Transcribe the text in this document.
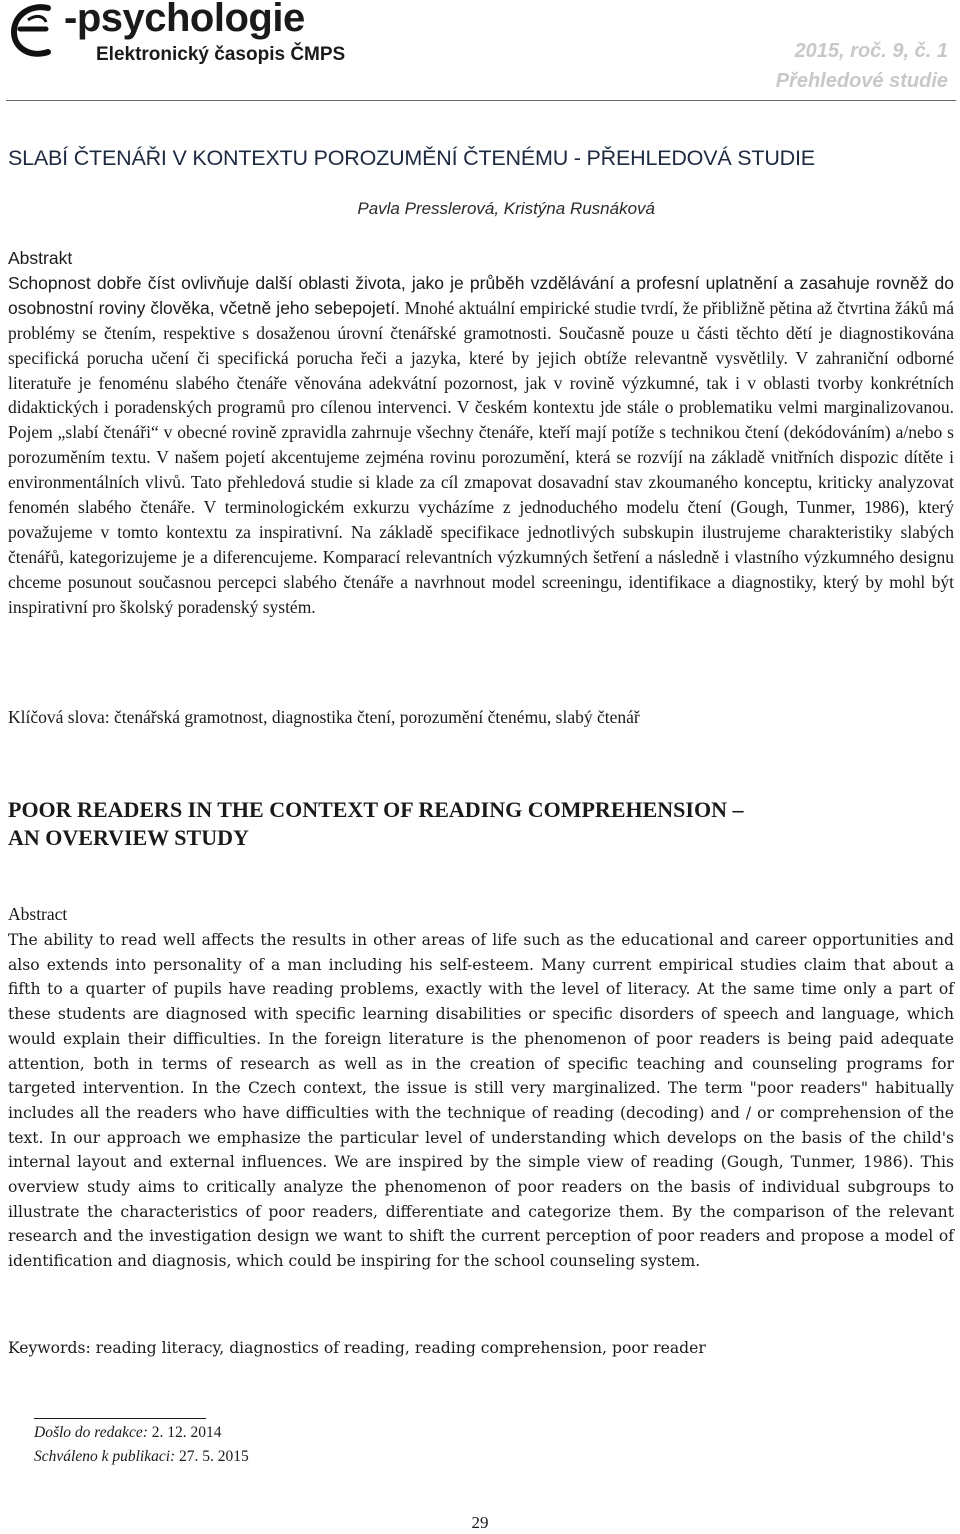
-psychologie
Elektronický časopis ČMPS	2015, roč. 9, č. 1
Přehledové studie
SLABÍ ČTENÁŘI V KONTEXTU POROZUMĚNÍ ČTENÉMU - PŘEHLEDOVÁ STUDIE
Pavla Presslerová, Kristýna Rusnáková
Abstrakt
Schopnost dobře číst ovlivňuje další oblasti života, jako je průběh vzdělávání a profesní uplatnění a zasahuje rovněž do osobnostní roviny člověka, včetně jeho sebepojetí. Mnohé aktuální empirické studie tvrdí, že přibližně pětina až čtvrtina žáků má problémy se čtením, respektive s dosaženou úrovní čtenářské gramotnosti. Současně pouze u části těchto dětí je diagnostikována specifická porucha učení či specifická porucha řeči a jazyka, které by jejich obtíže relevantně vysvětlily. V zahraniční odborné literatuře je fenoménu slabého čtenáře věnována adekvátní pozornost, jak v rovině výzkumné, tak i v oblasti tvorby konkrétních didaktických i poradenských programů pro cílenou intervenci. V českém kontextu jde stále o problematiku velmi marginalizovanou. Pojem „slabí čtenáři“ v obecné rovině zpravidla zahrnuje všechny čtenáře, kteří mají potíže s technikou čtení (dekódováním) a/nebo s porozuměním textu. V našem pojetí akcentujeme zejména rovinu porozumění, která se rozvíjí na základě vnitřních dispozic dítěte i environmentálních vlivů. Tato přehledová studie si klade za cíl zmapovat dosavadní stav zkoumaného konceptu, kriticky analyzovat fenomén slabého čtenáře. V terminologickém exkurzu vycházíme z jednoduchého modelu čtení (Gough, Tunmer, 1986), který považujeme v tomto kontextu za inspirativní. Na základě specifikace jednotlivých subskupin ilustrujeme charakteristiky slabých čtenářů, kategorizujeme je a diferencujeme. Komparací relevantních výzkumných šetření a následně i vlastního výzkumného designu chceme posunout současnou percepci slabého čtenáře a navrhnout model screeningu, identifikace a diagnostiky, který by mohl být inspirativní pro školský poradenský systém.
Klíčová slova: čtenářská gramotnost, diagnostika čtení, porozumění čtenému, slabý čtenář
POOR READERS IN THE CONTEXT OF READING COMPREHENSION –
AN OVERVIEW STUDY
Abstract
The ability to read well affects the results in other areas of life such as the educational and career opportunities and also extends into personality of a man including his self-esteem. Many current empirical studies claim that about a fifth to a quarter of pupils have reading problems, exactly with the level of literacy. At the same time only a part of these students are diagnosed with specific learning disabilities or specific disorders of speech and language, which would explain their difficulties. In the foreign literature is the phenomenon of poor readers is being paid adequate attention, both in terms of research as well as in the creation of specific teaching and counseling programs for targeted intervention. In the Czech context, the issue is still very marginalized. The term "poor readers" habitually includes all the readers who have difficulties with the technique of reading (decoding) and / or comprehension of the text. In our approach we emphasize the particular level of understanding which develops on the basis of the child's internal layout and external influences. We are inspired by the simple view of reading (Gough, Tunmer, 1986). This overview study aims to critically analyze the phenomenon of poor readers on the basis of individual subgroups to illustrate the characteristics of poor readers, differentiate and categorize them. By the comparison of the relevant research and the investigation design we want to shift the current perception of poor readers and propose a model of identification and diagnosis, which could be inspiring for the school counseling system.
Keywords: reading literacy, diagnostics of reading, reading comprehension, poor reader
Došlo do redakce: 2. 12. 2014
Schváleno k publikaci: 27. 5. 2015
29
